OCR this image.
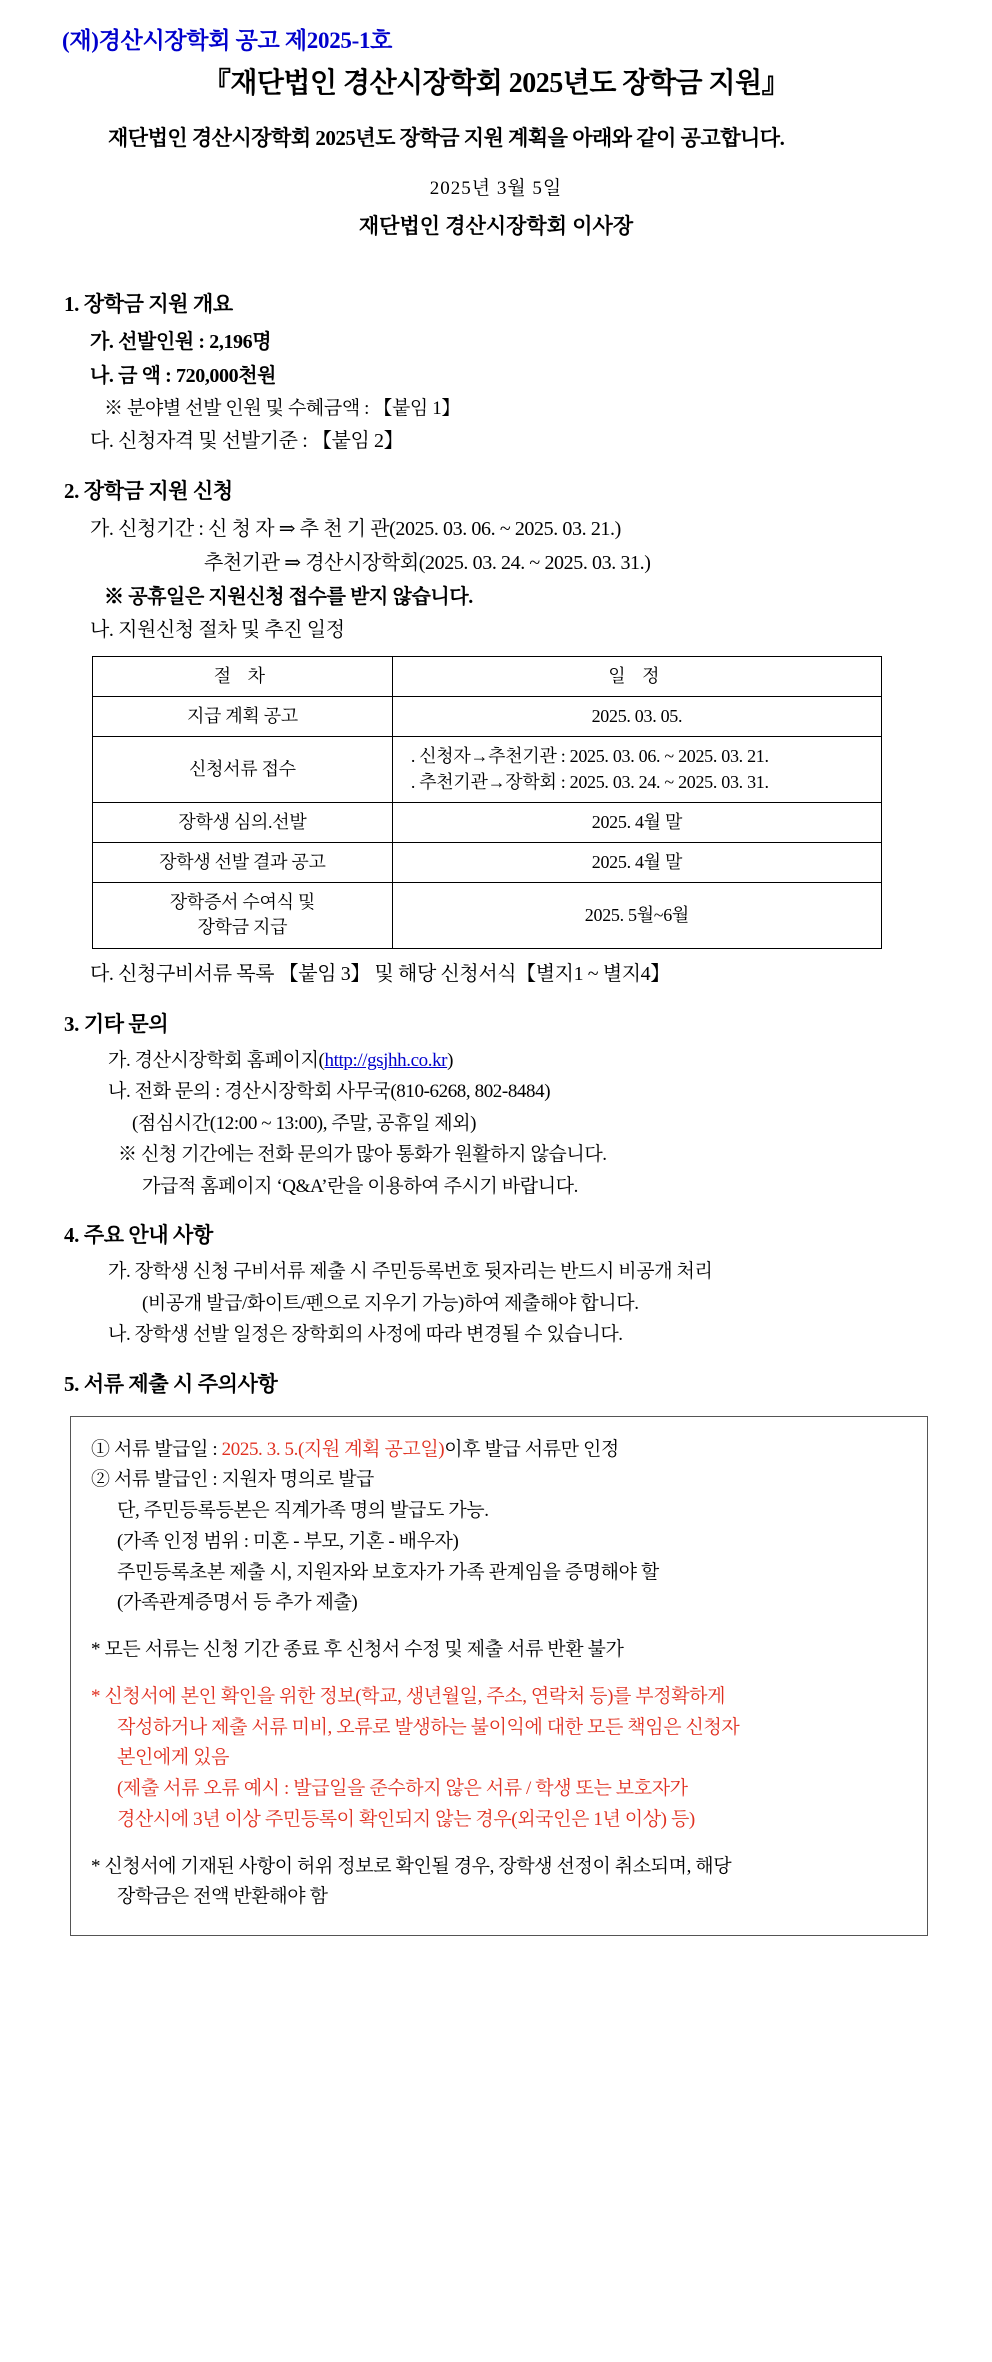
(재)경산시장학회 공고 제2025-1호
『재단법인 경산시장학회 2025년도 장학금 지원』

재단법인 경산시장학회 2025년도 장학금 지원 계획을 아래와 같이 공고합니다.

2025년 3월 5일
재단법인 경산시장학회 이사장
1. 장학금 지원 개요

가. 선발인원 : 2,196명

나. 금 액 : 720,000천원

※ 분야별 선발 인원 및 수혜금액 : 【붙임 1】

다. 신청자격 및 선발기준 : 【붙임 2】

2. 장학금 지원 신청

가. 신청기간 : 신 청 자 ⇒ 추 천 기 관(2025. 03. 06. ~ 2025. 03. 21.)

추천기관 ⇒ 경산시장학회(2025. 03. 24. ~ 2025. 03. 31.)

※ 공휴일은 지원신청 접수를 받지 않습니다.

나. 지원신청 절차 및 추진 일정

절 차	일 정
지급 계획 공고	2025. 03. 05.
신청서류 접수	. 신청자→추천기관 : 2025. 03. 06. ~ 2025. 03. 21.
. 추천기관→장학회 : 2025. 03. 24. ~ 2025. 03. 31.

장학생 심의.선발	2025. 4월 말
장학생 선발 결과 공고	2025. 4월 말

장학증서 수여식 및
장학금 지급	2025. 5월~6월

다. 신청구비서류 목록 【붙임 3】 및 해당 신청서식【별지1 ~ 별지4】

3. 기타 문의

가. 경산시장학회 홈페이지(http://gsjhh.co.kr)

나. 전화 문의 : 경산시장학회 사무국(810-6268, 802-8484)

(점심시간(12:00 ~ 13:00), 주말, 공휴일 제외)

※ 신청 기간에는 전화 문의가 많아 통화가 원활하지 않습니다.

가급적 홈페이지 ‘Q&A’란을 이용하여 주시기 바랍니다.

4. 주요 안내 사항

가. 장학생 신청 구비서류 제출 시 주민등록번호 뒷자리는 반드시 비공개 처리

(비공개 발급/화이트/펜으로 지우기 가능)하여 제출해야 합니다.

나. 장학생 선발 일정은 장학회의 사정에 따라 변경될 수 있습니다.

5. 서류 제출 시 주의사항

① 서류 발급일 : 2025. 3. 5.(지원 계획 공고일)이후 발급 서류만 인정

② 서류 발급인 : 지원자 명의로 발급

단, 주민등록등본은 직계가족 명의 발급도 가능.

(가족 인정 범위 : 미혼 - 부모, 기혼 - 배우자)

주민등록초본 제출 시, 지원자와 보호자가 가족 관계임을 증명해야 할

(가족관계증명서 등 추가 제출)

* 모든 서류는 신청 기간 종료 후 신청서 수정 및 제출 서류 반환 불가

* 신청서에 본인 확인을 위한 정보(학교, 생년월일, 주소, 연락처 등)를 부정확하게

작성하거나 제출 서류 미비, 오류로 발생하는 불이익에 대한 모든 책임은 신청자

본인에게 있음

(제출 서류 오류 예시 : 발급일을 준수하지 않은 서류 / 학생 또는 보호자가

경산시에 3년 이상 주민등록이 확인되지 않는 경우(외국인은 1년 이상) 등)

* 신청서에 기재된 사항이 허위 정보로 확인될 경우, 장학생 선정이 취소되며, 해당

장학금은 전액 반환해야 함
